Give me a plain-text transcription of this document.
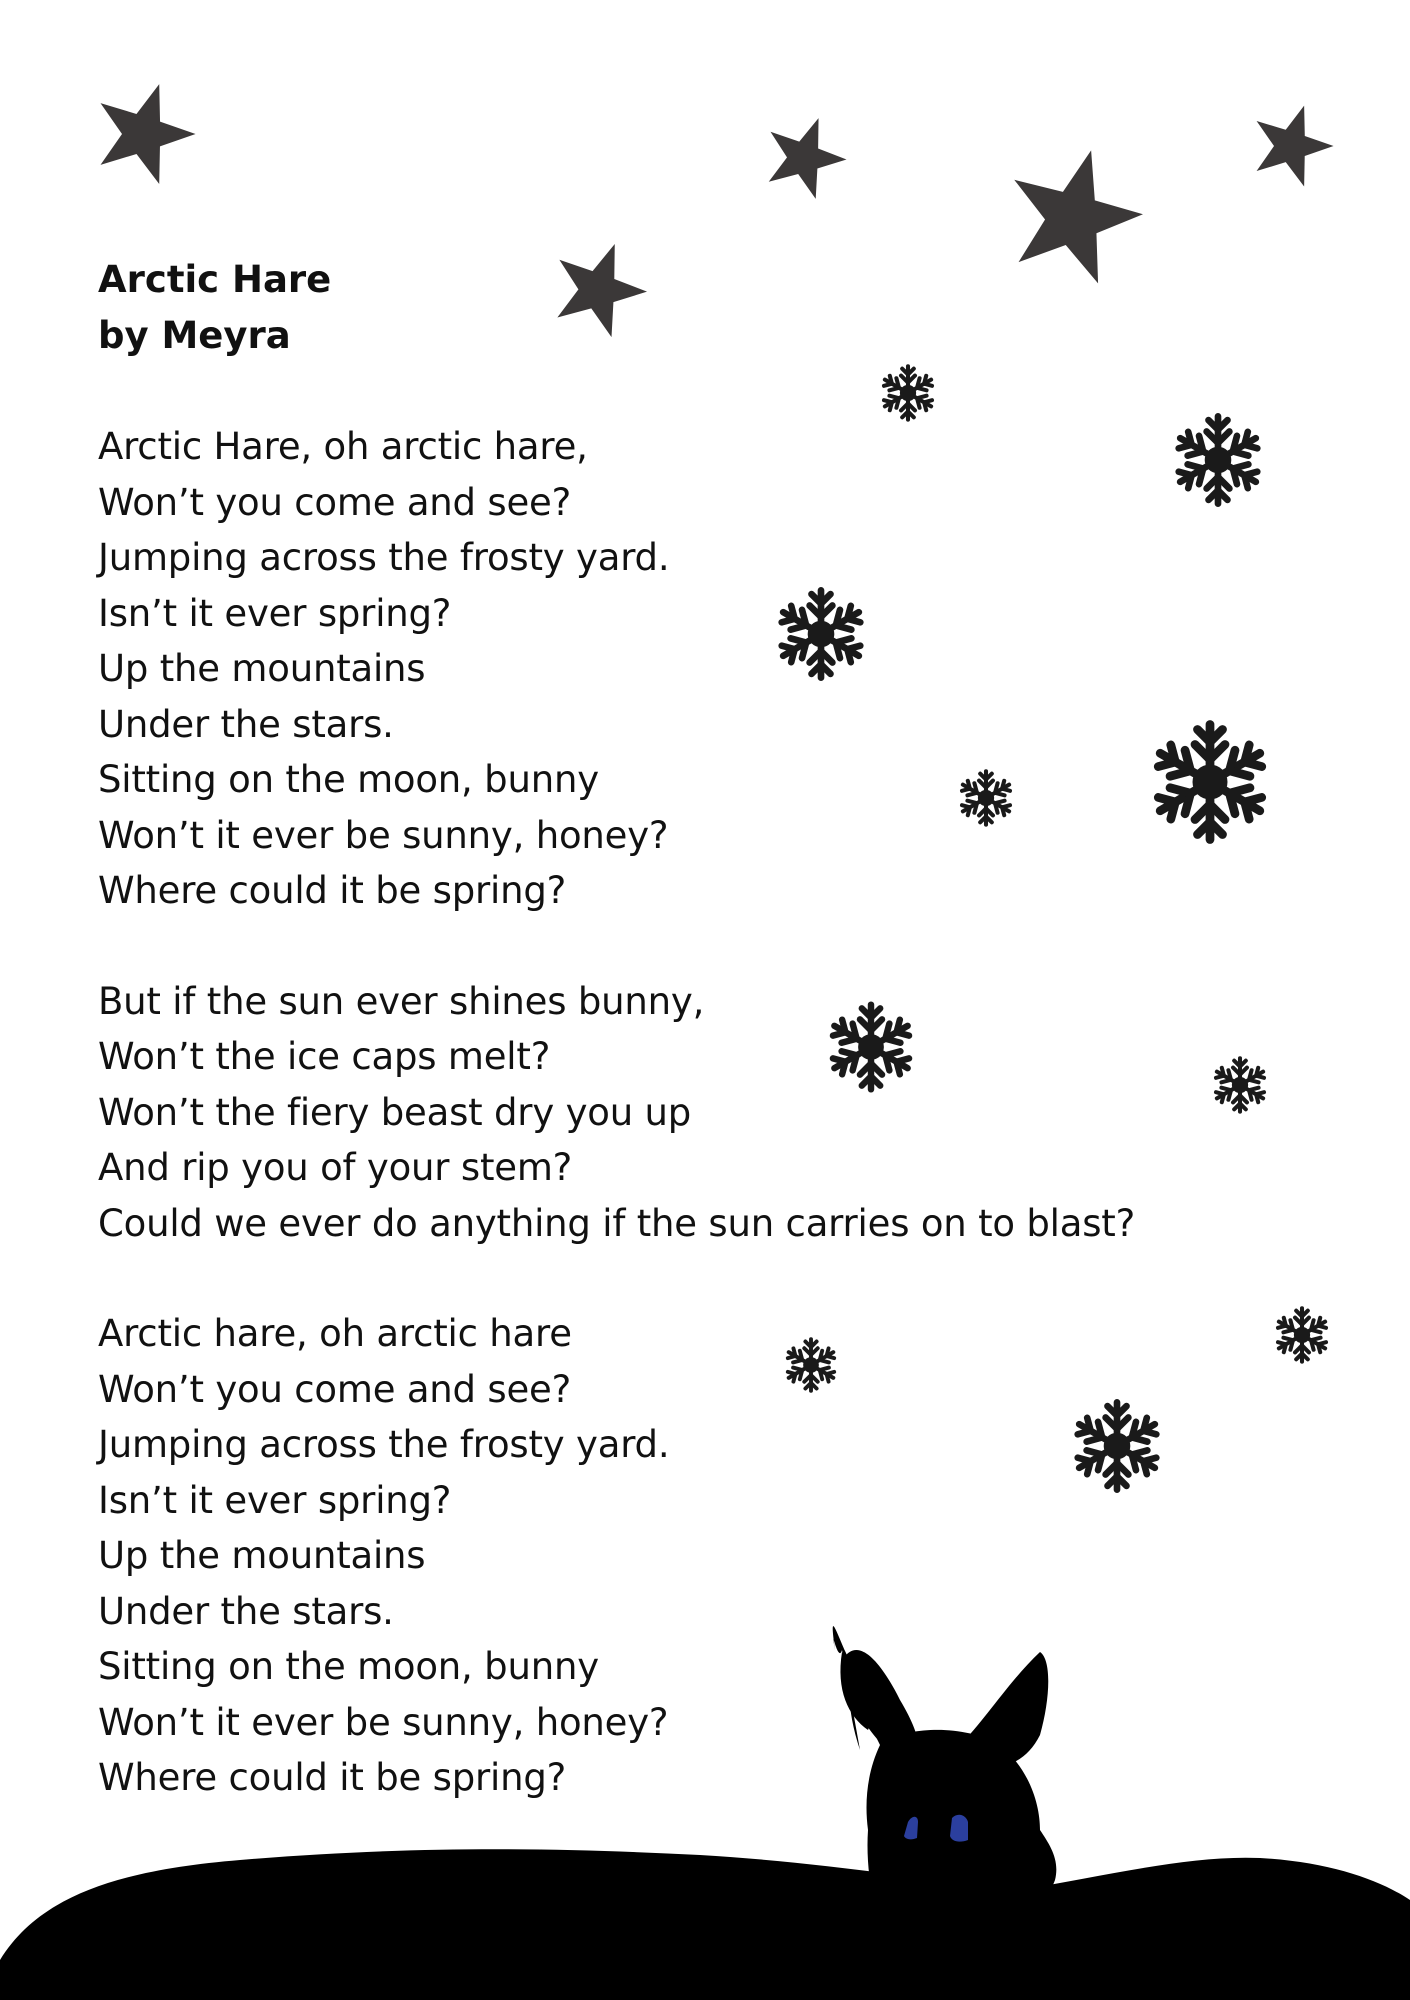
Arctic Hare
by Meyra
Arctic Hare, oh arctic hare,
Won’t you come and see?
Jumping across the frosty yard.
Isn’t it ever spring?
Up the mountains
Under the stars.
Sitting on the moon, bunny
Won’t it ever be sunny, honey?
Where could it be spring?
But if the sun ever shines bunny,
Won’t the ice caps melt?
Won’t the fiery beast dry you up
And rip you of your stem?
Could we ever do anything if the sun carries on to blast?
Arctic hare, oh arctic hare
Won’t you come and see?
Jumping across the frosty yard.
Isn’t it ever spring?
Up the mountains
Under the stars.
Sitting on the moon, bunny
Won’t it ever be sunny, honey?
Where could it be spring?
